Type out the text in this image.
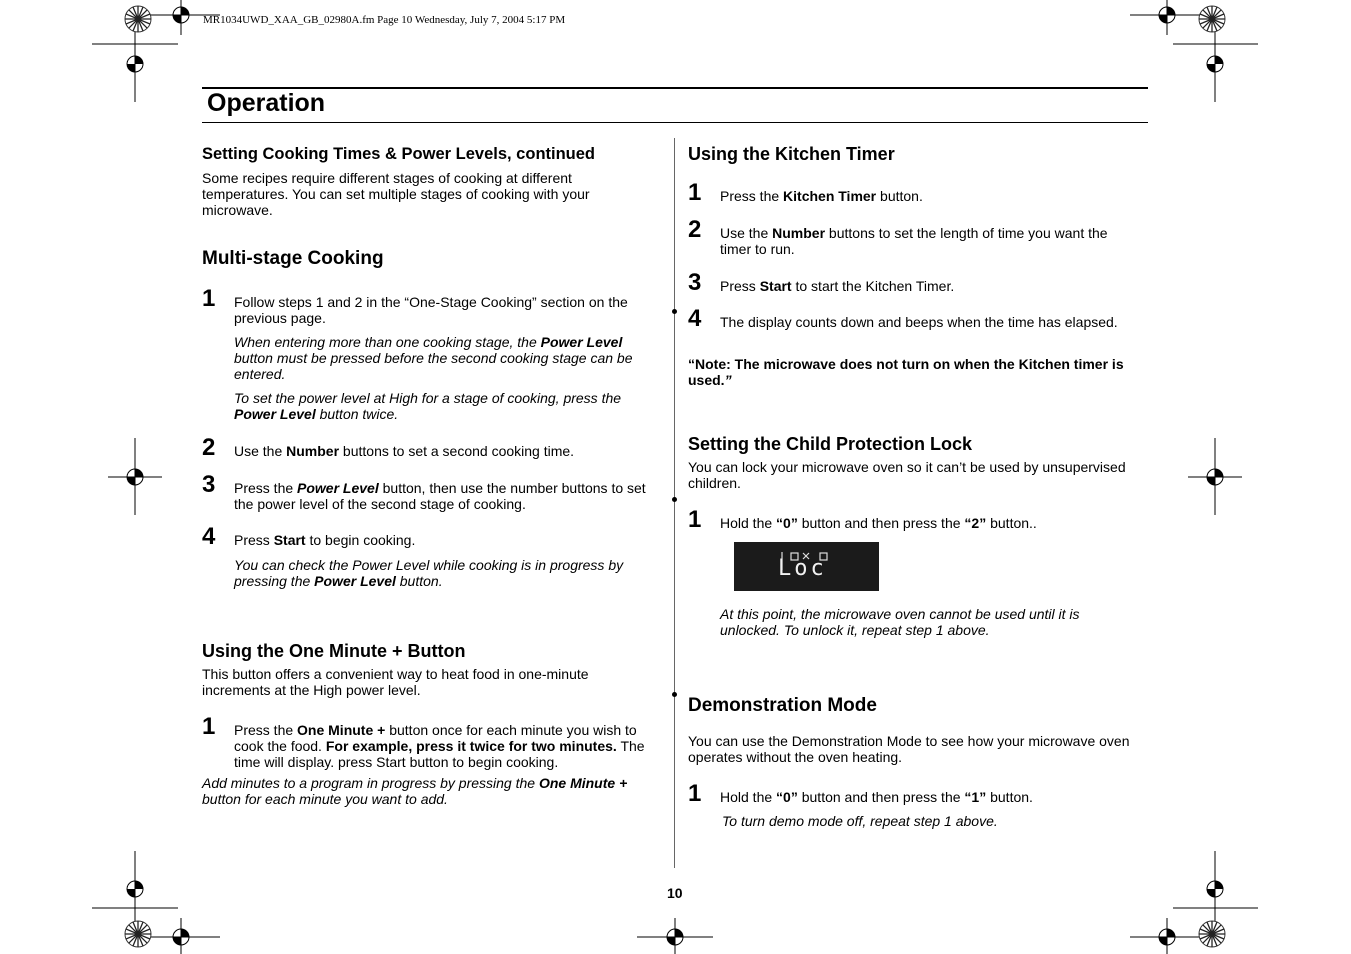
MR1034UWD_XAA_GB_02980A.fm Page 10 Wednesday, July 7, 2004 5:17 PM
Operation
Setting Cooking Times & Power Levels, continued
Some recipes require different stages of cooking at different temperatures. You can set multiple stages of cooking with your microwave.
Multi-stage Cooking
1 Follow steps 1 and 2 in the “One-Stage Cooking” section on the previous page.
When entering more than one cooking stage, the Power Level button must be pressed before the second cooking stage can be entered.
To set the power level at High for a stage of cooking, press the Power Level button twice.
2 Use the Number buttons to set a second cooking time.
3 Press the Power Level button, then use the number buttons to set the power level of the second stage of cooking.
4 Press Start to begin cooking.
You can check the Power Level while cooking is in progress by pressing the Power Level button.
Using the One Minute + Button
This button offers a convenient way to heat food in one-minute increments at the High power level.
1 Press the One Minute + button once for each minute you wish to cook the food. For example, press it twice for two minutes. The time will display. press Start button to begin cooking.
Add minutes to a program in progress by pressing the One Minute + button for each minute you want to add.
Using the Kitchen Timer
1 Press the Kitchen Timer button.
2 Use the Number buttons to set the length of time you want the timer to run.
3 Press Start to start the Kitchen Timer.
4 The display counts down and beeps when the time has elapsed.
“Note: The microwave does not turn on when the Kitchen timer is used.”
Setting the Child Protection Lock
You can lock your microwave oven so it can’t be used by unsupervised children.
1 Hold the “0” button and then press the “2” button..
Loc
At this point, the microwave oven cannot be used until it is unlocked. To unlock it, repeat step 1 above.
Demonstration Mode
You can use the Demonstration Mode to see how your microwave oven operates without the oven heating.
1 Hold the “0” button and then press the “1” button.
To turn demo mode off, repeat step 1 above.
10
